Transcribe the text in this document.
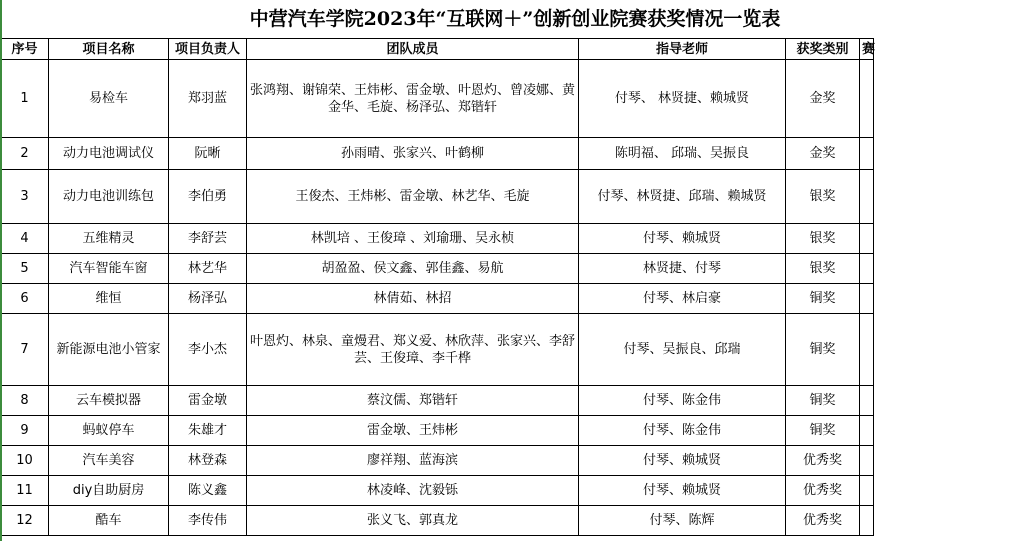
中营汽车学院2023年“互联网＋”创新创业院赛获奖情况一览表
序号	项目名称	项目负责人	团队成员	指导老师	获奖类别	赛
1	易检车	郑羽蓝	张鸿翔、谢锦荣、王炜彬、雷金墩、叶恩灼、曾凌娜、黄金华、毛旋、杨泽弘、郑锴轩	付琴、 林贤捷、赖城贤	金奖	
2	动力电池调试仪	阮晰	孙雨晴、张家兴、叶鹤柳	陈明福、 邱瑞、吴振良	金奖	
3	动力电池训练包	李伯勇	王俊杰、王炜彬、雷金墩、林艺华、毛旋	付琴、林贤捷、邱瑞、赖城贤	银奖	
4	五维精灵	李舒芸	林凯培 、王俊璋 、刘瑜珊、吴永桢	付琴、赖城贤	银奖	
5	汽车智能车窗	林艺华	胡盈盈、侯文鑫、郭佳鑫、易航	林贤捷、付琴	银奖	
6	维恒	杨泽弘	林倩茹、林招	付琴、林启豪	铜奖	
7	新能源电池小管家	李小杰	叶恩灼、林泉、童熳君、郑义爱、林欣萍、张家兴、李舒芸、王俊璋、李千桦	付琴、吴振良、邱瑞	铜奖	
8	云车模拟器	雷金墩	蔡汶儒、郑锴轩	付琴、陈金伟	铜奖	
9	蚂蚁停车	朱雄才	雷金墩、王炜彬	付琴、陈金伟	铜奖	
10	汽车美容	林登森	廖祥翔、蓝海滨	付琴、赖城贤	优秀奖	
11	diy自助厨房	陈义鑫	林凌峰、沈毅铄	付琴、赖城贤	优秀奖	
12	酷车	李传伟	张义飞、郭真龙	付琴、陈辉	优秀奖	
